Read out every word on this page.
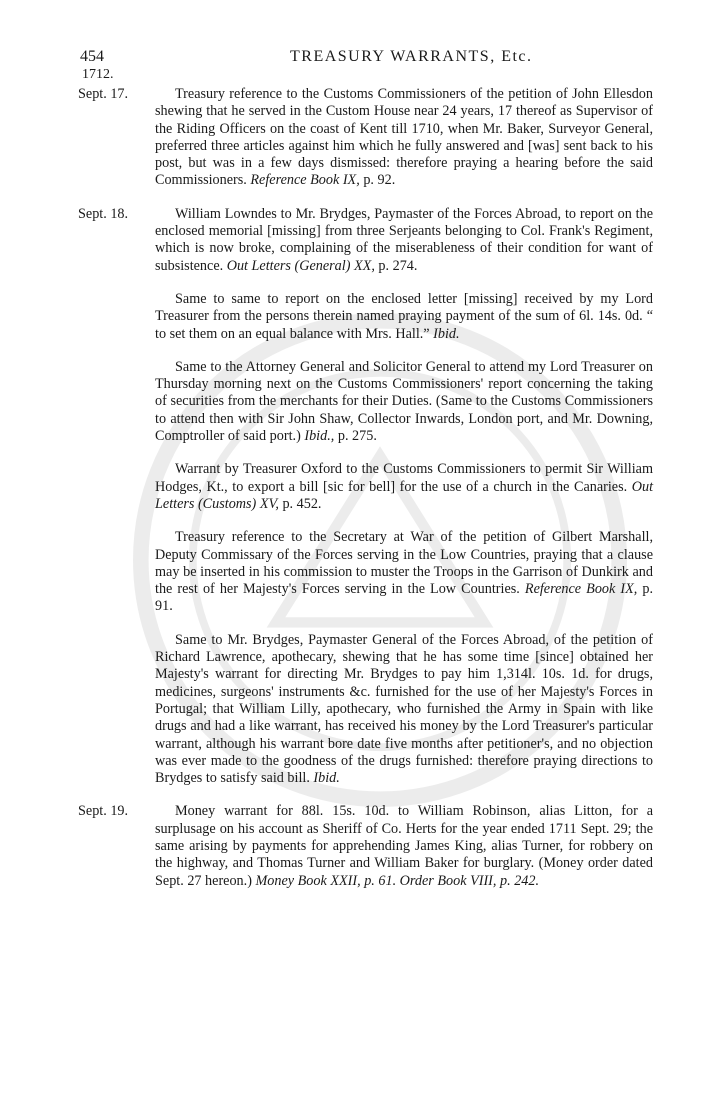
454	TREASURY WARRANTS, Etc.
1712.
Sept. 17.	Treasury reference to the Customs Commissioners of the petition of John Ellesdon shewing that he served in the Custom House near 24 years, 17 thereof as Supervisor of the Riding Officers on the coast of Kent till 1710, when Mr. Baker, Surveyor General, preferred three articles against him which he fully answered and [was] sent back to his post, but was in a few days dismissed: therefore praying a hearing before the said Commissioners. Reference Book IX, p. 92.
Sept. 18.	William Lowndes to Mr. Brydges, Paymaster of the Forces Abroad, to report on the enclosed memorial [missing] from three Serjeants belonging to Col. Frank's Regiment, which is now broke, complaining of the miserableness of their condition for want of subsistence. Out Letters (General) XX, p. 274.
Same to same to report on the enclosed letter [missing] received by my Lord Treasurer from the persons therein named praying payment of the sum of 6l. 14s. 0d. “ to set them on an equal balance with Mrs. Hall.” Ibid.
Same to the Attorney General and Solicitor General to attend my Lord Treasurer on Thursday morning next on the Customs Commissioners' report concerning the taking of securities from the merchants for their Duties. (Same to the Customs Commissioners to attend then with Sir John Shaw, Collector Inwards, London port, and Mr. Downing, Comptroller of said port.) Ibid., p. 275.
Warrant by Treasurer Oxford to the Customs Commissioners to permit Sir William Hodges, Kt., to export a bill [sic for bell] for the use of a church in the Canaries. Out Letters (Customs) XV, p. 452.
Treasury reference to the Secretary at War of the petition of Gilbert Marshall, Deputy Commissary of the Forces serving in the Low Countries, praying that a clause may be inserted in his commission to muster the Troops in the Garrison of Dunkirk and the rest of her Majesty's Forces serving in the Low Countries. Reference Book IX, p. 91.
Same to Mr. Brydges, Paymaster General of the Forces Abroad, of the petition of Richard Lawrence, apothecary, shewing that he has some time [since] obtained her Majesty's warrant for directing Mr. Brydges to pay him 1,314l. 10s. 1d. for drugs, medicines, surgeons' instruments &c. furnished for the use of her Majesty's Forces in Portugal; that William Lilly, apothecary, who furnished the Army in Spain with like drugs and had a like warrant, has received his money by the Lord Treasurer's particular warrant, although his warrant bore date five months after petitioner's, and no objection was ever made to the goodness of the drugs furnished: therefore praying directions to Brydges to satisfy said bill. Ibid.
Sept. 19.	Money warrant for 88l. 15s. 10d. to William Robinson, alias Litton, for a surplusage on his account as Sheriff of Co. Herts for the year ended 1711 Sept. 29; the same arising by payments for apprehending James King, alias Turner, for robbery on the highway, and Thomas Turner and William Baker for burglary. (Money order dated Sept. 27 hereon.) Money Book XXII, p. 61. Order Book VIII, p. 242.
